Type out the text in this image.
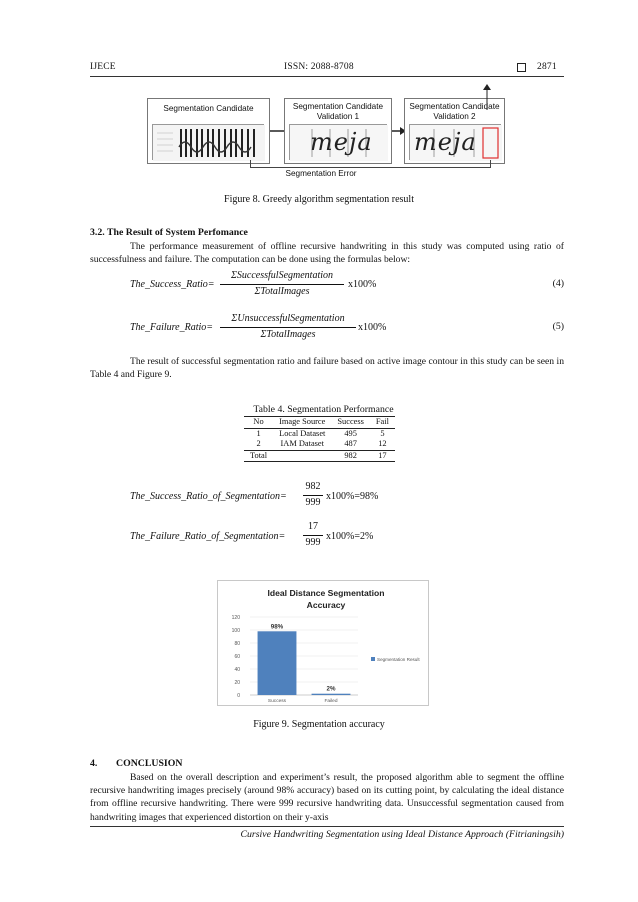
IJECE	ISSN: 2088-8708	2871
Segmentation Candidate	Segmentation Candidate
Validation 1
meja
Segmentation Candidate
Validation 2
meja
Segmentation Error
Figure 8. Greedy algorithm segmentation result
3.2. The Result of System Perfomance
The performance measurement of offline recursive handwriting in this study was computed using ratio of successfulness and failure. The computation can be done using the formulas below:
The_Success_Ratio=
ΣSuccessfulSegmentation
ΣTotalImages
x100%	(4)
The_Failure_Ratio=
ΣUnsuccessfulSegmentation
ΣTotalImages
x100%	(5)
The result of successful segmentation ratio and failure based on active image contour in this study can be seen in Table 4 and Figure 9.
Table 4. Segmentation Performance
No	Image Source	Success	Fail
1	Local Dataset	495	5
2	IAM Dataset	487	12
Total		982	17
The_Success_Ratio_of_Segmentation=
982
999
x100%=98%
The_Failure_Ratio_of_Segmentation=
17
999
x100%=2%
Ideal Distance Segmentation
Accuracy
0
20
40
60
80
100
120
98%
2%
Success	Failed
Segmentation Result
Figure 9. Segmentation accuracy
4. CONCLUSION
Based on the overall description and experiment’s result, the proposed algorithm able to segment the offline recursive handwriting images precisely (around 98% accuracy) based on its cutting point, by calculating the ideal distance from offline recursive handwriting. There were 999 recursive handwriting data. Unsuccessful segmentation caused from handwriting images that experienced distortion on their y-axis
Cursive Handwriting Segmentation using Ideal Distance Approach (Fitrianingsih)
